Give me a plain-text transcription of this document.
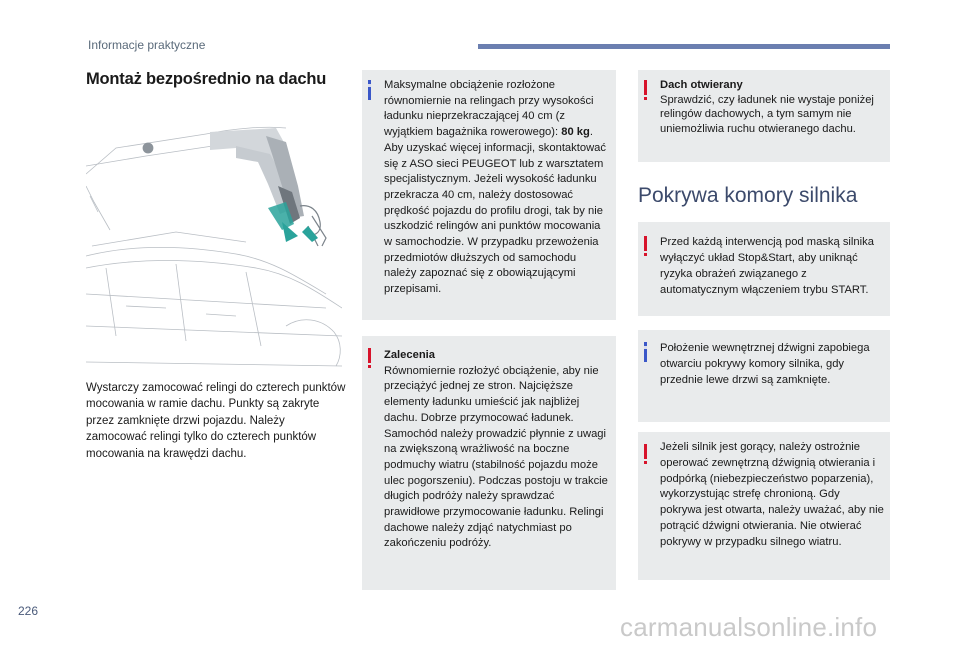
Informacje praktyczne
Montaż bezpośrednio na dachu
Wystarczy zamocować relingi do czterech punktów mocowania w ramie dachu. Punkty są zakryte przez zamknięte drzwi pojazdu. Należy zamocować relingi tylko do czterech punktów mocowania na krawędzi dachu.
Maksymalne obciążenie rozłożone równomiernie na relingach przy wysokości ładunku nieprzekraczającej 40 cm (z wyjątkiem bagażnika rowerowego): 80 kg. Aby uzyskać więcej informacji, skontaktować się z ASO sieci PEUGEOT lub z warsztatem specjalistycznym. Jeżeli wysokość ładunku przekracza 40 cm, należy dostosować prędkość pojazdu do profilu drogi, tak by nie uszkodzić relingów ani punktów mocowania w samochodzie. W przypadku przewożenia przedmiotów dłuższych od samochodu należy zapoznać się z obowiązującymi przepisami.
Zalecenia
Równomiernie rozłożyć obciążenie, aby nie przeciążyć jednej ze stron. Najcięższe elementy ładunku umieścić jak najbliżej dachu. Dobrze przymocować ładunek. Samochód należy prowadzić płynnie z uwagi na zwiększoną wrażliwość na boczne podmuchy wiatru (stabilność pojazdu może ulec pogorszeniu). Podczas postoju w trakcie długich podróży należy sprawdzać prawidłowe przymocowanie ładunku. Relingi dachowe należy zdjąć natychmiast po zakończeniu podróży.
Dach otwierany
Sprawdzić, czy ładunek nie wystaje poniżej relingów dachowych, a tym samym nie uniemożliwia ruchu otwieranego dachu.
Pokrywa komory silnika
Przed każdą interwencją pod maską silnika wyłączyć układ Stop&Start, aby uniknąć ryzyka obrażeń związanego z automatycznym włączeniem trybu START.
Położenie wewnętrznej dźwigni zapobiega otwarciu pokrywy komory silnika, gdy przednie lewe drzwi są zamknięte.
Jeżeli silnik jest gorący, należy ostrożnie operować zewnętrzną dźwignią otwierania i podpórką (niebezpieczeństwo poparzenia), wykorzystując strefę chronioną. Gdy pokrywa jest otwarta, należy uważać, aby nie potrącić dźwigni otwierania. Nie otwierać pokrywy w przypadku silnego wiatru.
226
carmanualsonline.info
